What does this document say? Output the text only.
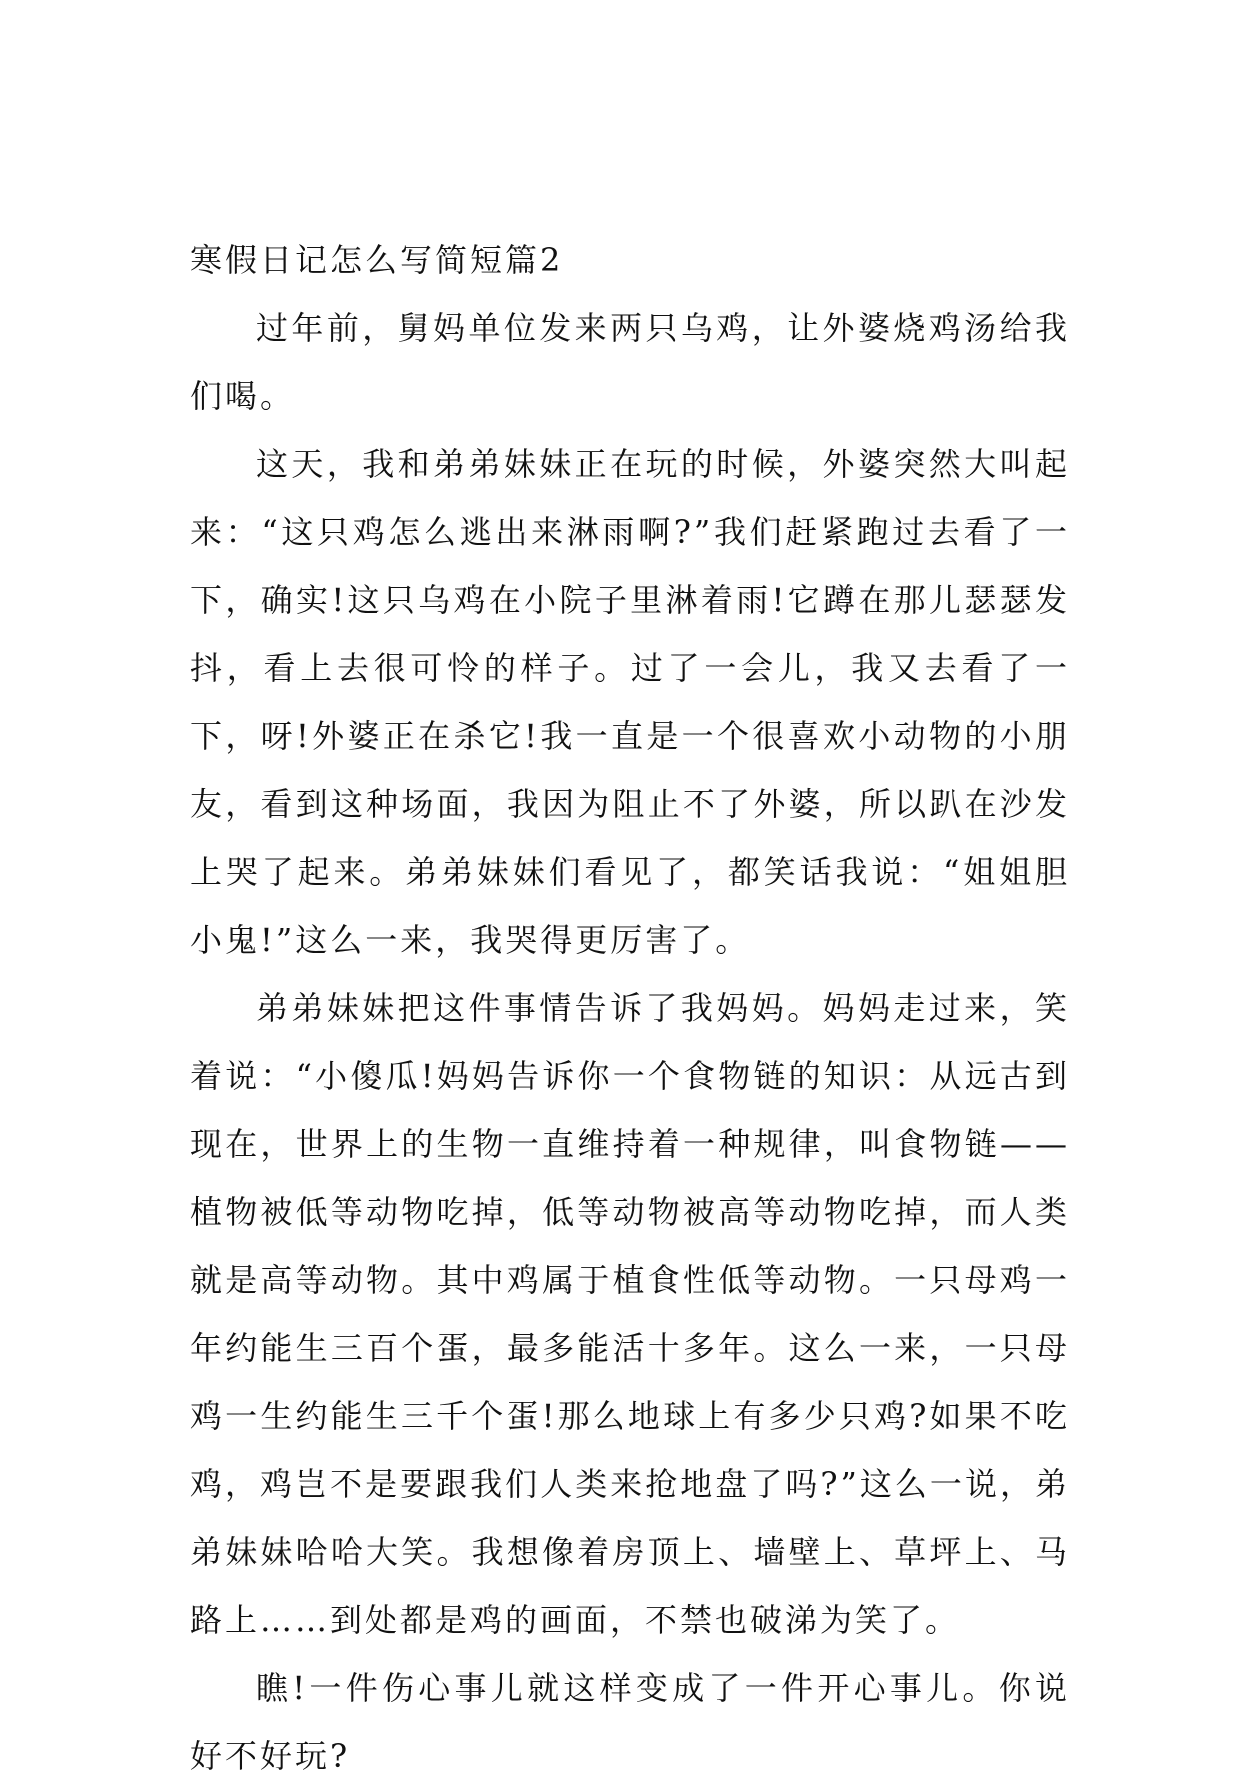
寒假日记怎么写简短篇2

过年前，舅妈单位发来两只乌鸡，让外婆烧鸡汤给我们喝。

这天，我和弟弟妹妹正在玩的时候，外婆突然大叫起来：“这只鸡怎么逃出来淋雨啊?”我们赶紧跑过去看了一下，确实!这只乌鸡在小院子里淋着雨!它蹲在那儿瑟瑟发抖，看上去很可怜的样子。过了一会儿，我又去看了一下，呀!外婆正在杀它!我一直是一个很喜欢小动物的小朋友，看到这种场面，我因为阻止不了外婆，所以趴在沙发上哭了起来。弟弟妹妹们看见了，都笑话我说：“姐姐胆小鬼!”这么一来，我哭得更厉害了。

弟弟妹妹把这件事情告诉了我妈妈。妈妈走过来，笑着说：“小傻瓜!妈妈告诉你一个食物链的知识：从远古到现在，世界上的生物一直维持着一种规律，叫食物链——植物被低等动物吃掉，低等动物被高等动物吃掉，而人类就是高等动物。其中鸡属于植食性低等动物。一只母鸡一年约能生三百个蛋，最多能活十多年。这么一来，一只母鸡一生约能生三千个蛋!那么地球上有多少只鸡?如果不吃鸡，鸡岂不是要跟我们人类来抢地盘了吗?”这么一说，弟弟妹妹哈哈大笑。我想像着房顶上、墙壁上、草坪上、马路上……到处都是鸡的画面，不禁也破涕为笑了。

瞧!一件伤心事儿就这样变成了一件开心事儿。你说好不好玩?
